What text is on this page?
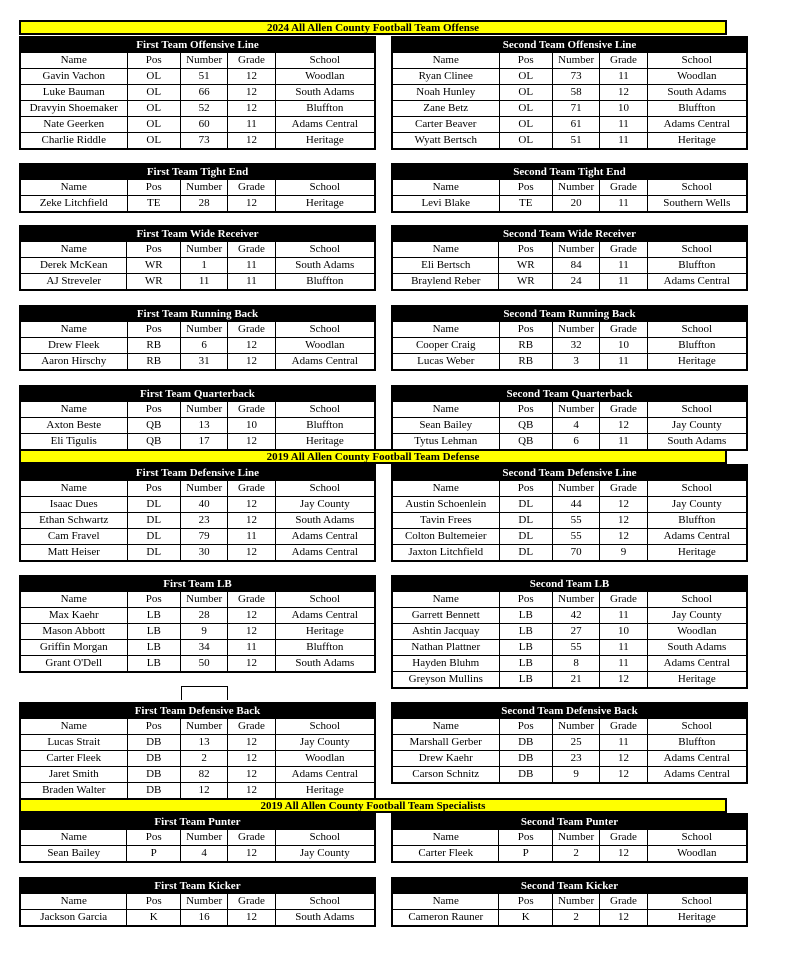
2024 All Allen County Football Team Offense
2019 All Allen County Football Team Defense
2019 All Allen County Football Team Specialists
First Team Offensive Line				
Name	Pos	Number	Grade	School
Gavin Vachon	OL	51	12	Woodlan
Luke Bauman	OL	66	12	South Adams
Dravyin Shoemaker	OL	52	12	Bluffton
Nate Geerken	OL	60	11	Adams Central
Charlie Riddle	OL	73	12	Heritage
Second Team Offensive Line				
Name	Pos	Number	Grade	School
Ryan Clinee	OL	73	11	Woodlan
Noah Hunley	OL	58	12	South Adams
Zane Betz	OL	71	10	Bluffton
Carter Beaver	OL	61	11	Adams Central
Wyatt Bertsch	OL	51	11	Heritage
First Team Tight End				
Name	Pos	Number	Grade	School
Zeke Litchfield	TE	28	12	Heritage
Second Team Tight End				
Name	Pos	Number	Grade	School
Levi Blake	TE	20	11	Southern Wells
First Team Wide Receiver				
Name	Pos	Number	Grade	School
Derek McKean	WR	1	11	South Adams
AJ Streveler	WR	11	11	Bluffton
Second Team Wide Receiver				
Name	Pos	Number	Grade	School
Eli Bertsch	WR	84	11	Bluffton
Braylend Reber	WR	24	11	Adams Central
First Team Running Back				
Name	Pos	Number	Grade	School
Drew Fleek	RB	6	12	Woodlan
Aaron Hirschy	RB	31	12	Adams Central
Second Team Running Back				
Name	Pos	Number	Grade	School
Cooper Craig	RB	32	10	Bluffton
Lucas Weber	RB	3	11	Heritage
First Team Quarterback				
Name	Pos	Number	Grade	School
Axton Beste	QB	13	10	Bluffton
Eli Tigulis	QB	17	12	Heritage
Second Team Quarterback				
Name	Pos	Number	Grade	School
Sean Bailey	QB	4	12	Jay County
Tytus Lehman	QB	6	11	South Adams
First Team Defensive Line				
Name	Pos	Number	Grade	School
Isaac Dues	DL	40	12	Jay County
Ethan Schwartz	DL	23	12	South Adams
Cam Fravel	DL	79	11	Adams Central
Matt Heiser	DL	30	12	Adams Central
Second Team Defensive Line				
Name	Pos	Number	Grade	School
Austin Schoenlein	DL	44	12	Jay County
Tavin Frees	DL	55	12	Bluffton
Colton Bultemeier	DL	55	12	Adams Central
Jaxton Litchfield	DL	70	9	Heritage
First Team LB				
Name	Pos	Number	Grade	School
Max Kaehr	LB	28	12	Adams Central
Mason Abbott	LB	9	12	Heritage
Griffin Morgan	LB	34	11	Bluffton
Grant O'Dell	LB	50	12	South Adams
Second Team LB				
Name	Pos	Number	Grade	School
Garrett Bennett	LB	42	11	Jay County
Ashtin Jacquay	LB	27	10	Woodlan
Nathan Plattner	LB	55	11	South Adams
Hayden Bluhm	LB	8	11	Adams Central
Greyson Mullins	LB	21	12	Heritage
First Team Defensive Back				
Name	Pos	Number	Grade	School
Lucas Strait	DB	13	12	Jay County
Carter Fleek	DB	2	12	Woodlan
Jaret Smith	DB	82	12	Adams Central
Braden Walter	DB	12	12	Heritage
Second Team Defensive Back				
Name	Pos	Number	Grade	School
Marshall Gerber	DB	25	11	Bluffton
Drew Kaehr	DB	23	12	Adams Central
Carson Schnitz	DB	9	12	Adams Central
First Team Punter				
Name	Pos	Number	Grade	School
Sean Bailey	P	4	12	Jay County
Second Team Punter				
Name	Pos	Number	Grade	School
Carter Fleek	P	2	12	Woodlan
First Team Kicker				
Name	Pos	Number	Grade	School
Jackson Garcia	K	16	12	South Adams
Second Team Kicker				
Name	Pos	Number	Grade	School
Cameron Rauner	K	2	12	Heritage
